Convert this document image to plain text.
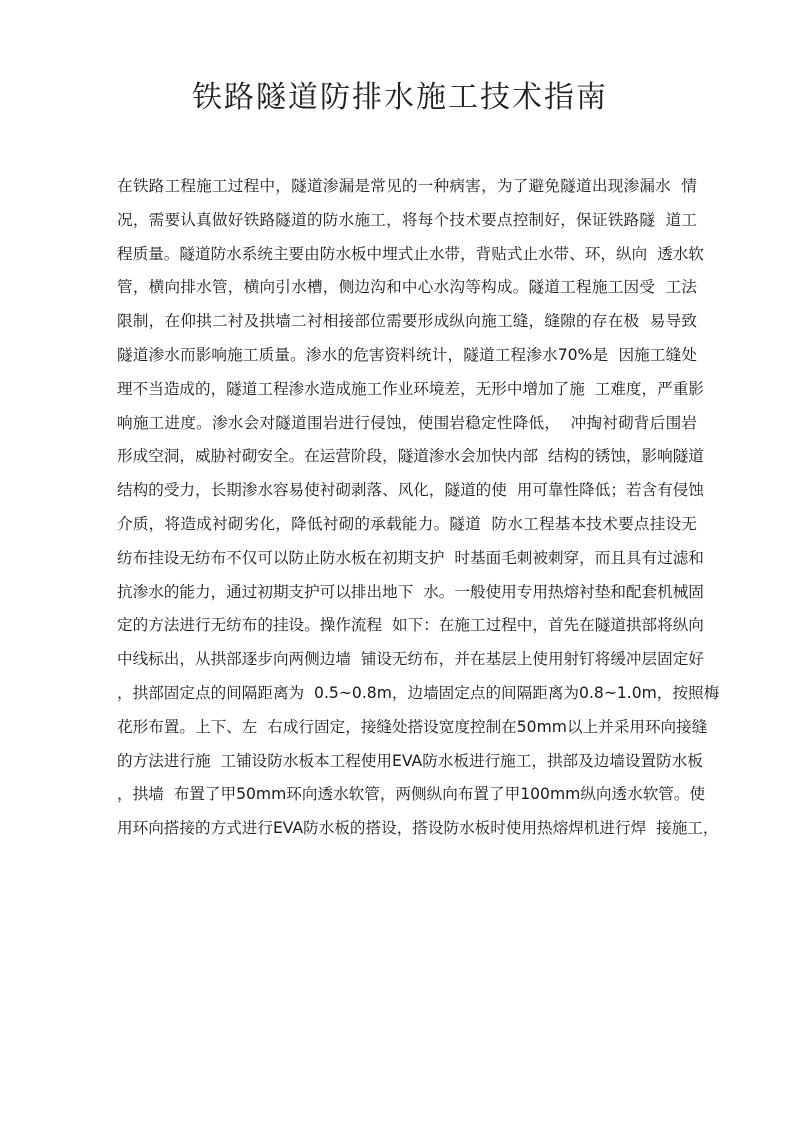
铁路隧道防排水施工技术指南

在铁路工程施工过程中，隧道渗漏是常见的一种病害，为了避免隧道出现渗漏水  情

况，需要认真做好铁路隧道的防水施工，将每个技术要点控制好，保证铁路隧  道工

程质量。隧道防水系统主要由防水板中埋式止水带，背贴式止水带、环，纵向  透水软

管，横向排水管，横向引水槽，侧边沟和中心水沟等构成。隧道工程施工因受  工法

限制，在仰拱二衬及拱墙二衬相接部位需要形成纵向施工缝，缝隙的存在极  易导致

隧道渗水而影响施工质量。渗水的危害资料统计，隧道工程渗水70%是  因施工缝处

理不当造成的，隧道工程渗水造成施工作业环境差，无形中增加了施  工难度，严重影

响施工进度。渗水会对隧道围岩进行侵蚀，使围岩稳定性降低，  冲掏衬砌背后围岩

形成空洞，威胁衬砌安全。在运营阶段，隧道渗水会加快内部  结构的锈蚀，影响隧道

结构的受力，长期渗水容易使衬砌剥落、风化，隧道的使  用可靠性降低；若含有侵蚀

介质，将造成衬砌劣化，降低衬砌的承载能力。隧道  防水工程基本技术要点挂设无

纺布挂设无纺布不仅可以防止防水板在初期支护  时基面毛刺被刺穿，而且具有过滤和

抗渗水的能力，通过初期支护可以排出地下  水。一般使用专用热熔衬垫和配套机械固

定的方法进行无纺布的挂设。操作流程  如下：在施工过程中，首先在隧道拱部将纵向

中线标出，从拱部逐步向两侧边墙  铺设无纺布，并在基层上使用射钉将缓冲层固定好

，拱部固定点的间隔距离为  0.5~0.8m，边墙固定点的间隔距离为0.8~1.0m，按照梅

花形布置。上下、左  右成行固定，接缝处搭设宽度控制在50mm以上并采用环向接缝

的方法进行施  工铺设防水板本工程使用EVA防水板进行施工，拱部及边墙设置防水板

，拱墙  布置了甲50mm环向透水软管，两侧纵向布置了甲100mm纵向透水软管。使

用环向搭接的方式进行EVA防水板的搭设，搭设防水板时使用热熔焊机进行焊  接施工，
